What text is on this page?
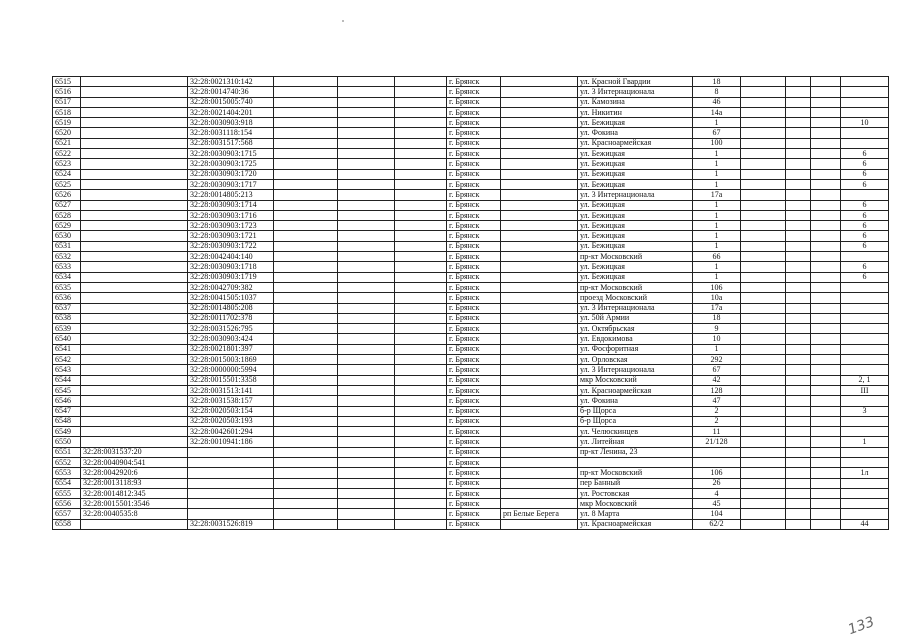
6515		32:28:0021310:142				г. Брянск		ул. Красной Гвардии	18				
6516		32:28:0014740:36				г. Брянск		ул. 3 Интернационала	8				
6517		32:28:0015005:740				г. Брянск		ул. Камозина	46				
6518		32:28:0021404:201				г. Брянск		ул. Никитин	14а				
6519		32:28:0030903:918				г. Брянск		ул. Бежицкая	1				10
6520		32:28:0031118:154				г. Брянск		ул. Фокина	67				
6521		32:28:0031517:568				г. Брянск		ул. Красноармейская	100				
6522		32:28:0030903:1715				г. Брянск		ул. Бежицкая	1				6
6523		32:28:0030903:1725				г. Брянск		ул. Бежицкая	1				6
6524		32:28:0030903:1720				г. Брянск		ул. Бежицкая	1				6
6525		32:28:0030903:1717				г. Брянск		ул. Бежицкая	1				6
6526		32:28:0014805:213				г. Брянск		ул. 3 Интернационала	17а				
6527		32:28:0030903:1714				г. Брянск		ул. Бежицкая	1				6
6528		32:28:0030903:1716				г. Брянск		ул. Бежицкая	1				6
6529		32:28:0030903:1723				г. Брянск		ул. Бежицкая	1				6
6530		32:28:0030903:1721				г. Брянск		ул. Бежицкая	1				6
6531		32:28:0030903:1722				г. Брянск		ул. Бежицкая	1				6
6532		32:28:0042404:140				г. Брянск		пр-кт Московский	66				
6533		32:28:0030903:1718				г. Брянск		ул. Бежицкая	1				6
6534		32:28:0030903:1719				г. Брянск		ул. Бежицкая	1				6
6535		32:28:0042709:382				г. Брянск		пр-кт Московский	106				
6536		32:28:0041505:1037				г. Брянск		проезд Московский	10а				
6537		32:28:0014805:208				г. Брянск		ул. 3 Интернационала	17а				
6538		32:28:0011702:378				г. Брянск		ул. 50й Армии	18				
6539		32:28:0031526:795				г. Брянск		ул. Октябрьская	9				
6540		32:28:0030903:424				г. Брянск		ул. Евдокимова	10				
6541		32:28:0021801:397				г. Брянск		ул. Фосфоритная	1				
6542		32:28:0015003:1869				г. Брянск		ул. Орловская	292				
6543		32:28:0000000:5994				г. Брянск		ул. 3 Интернационала	67				
6544		32:28:0015501:3358				г. Брянск		мкр Московский	42				2, 1
6545		32:28:0031513:141				г. Брянск		ул. Красноармейская	128				III
6546		32:28:0031538:157				г. Брянск		ул. Фокина	47				
6547		32:28:0020503:154				г. Брянск		б-р Щорса	2				3
6548		32:28:0020503:193				г. Брянск		б-р Щорса	2				
6549		32:28:0042601:294				г. Брянск		ул. Челюскинцев	11				
6550		32:28:0010941:186				г. Брянск		ул. Литейная	21/128				1
6551	32:28:0031537:20					г. Брянск		пр-кт Ленина, 23					
6552	32:28:0040904:541					г. Брянск							
6553	32:28:0042920:6					г. Брянск		пр-кт Московский	106				1л
6554	32:28:0013118:93					г. Брянск		пер Банный	26				
6555	32:28:0014812:345					г. Брянск		ул. Ростовская	4				
6556	32:28:0015501:3546					г. Брянск		мкр Московский	45				
6557	32:28:0040535:8					г. Брянск	рп Белые Берега	ул. 8 Марта	104				
6558		32:28:0031526:819				г. Брянск		ул. Красноармейская	62/2				44
133
